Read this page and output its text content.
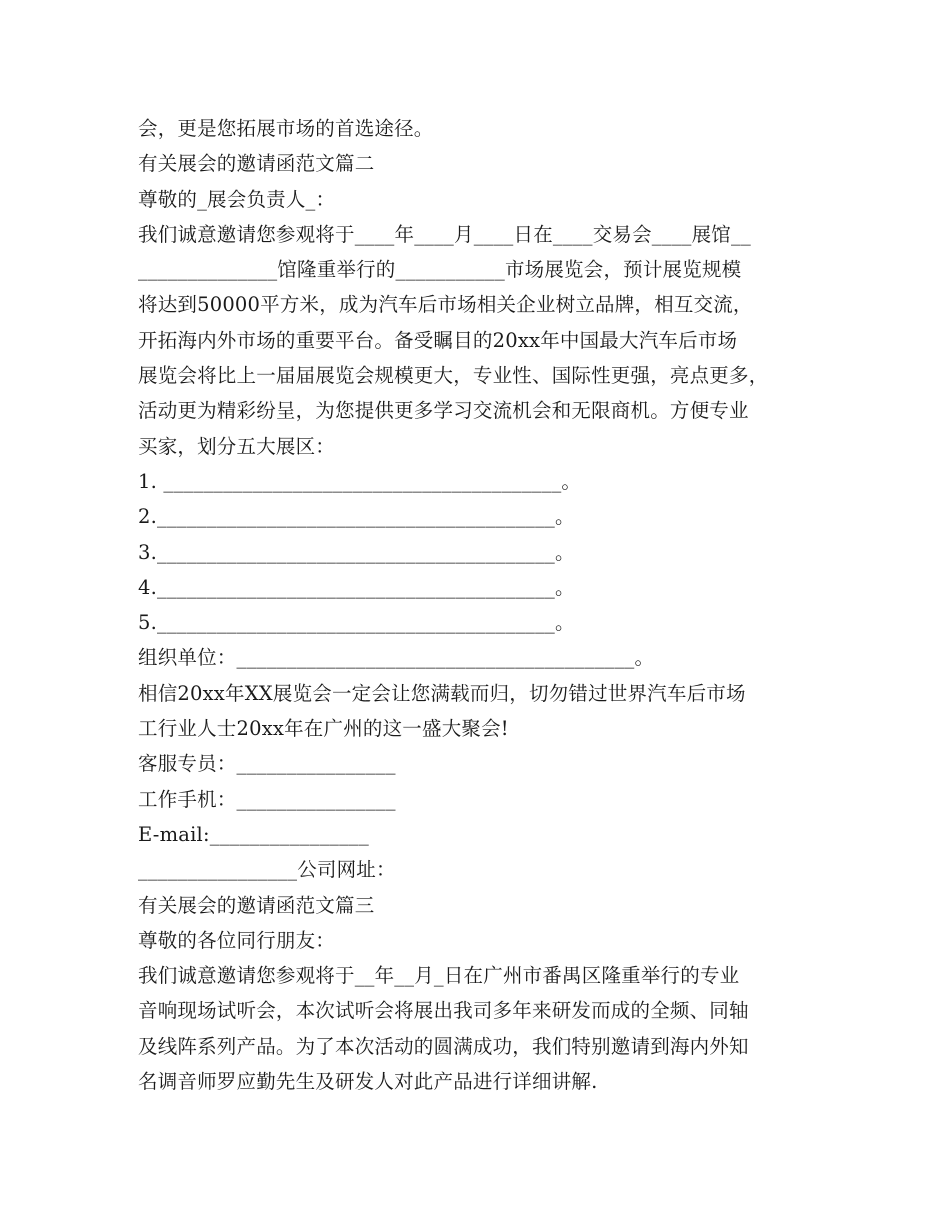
会，更是您拓展市场的首选途径。
有关展会的邀请函范文篇二
尊敬的_展会负责人_：
我们诚意邀请您参观将于____年____月____日在____交易会____展馆__
______________馆隆重举行的___________市场展览会，预计展览规模
将达到50000平方米，成为汽车后市场相关企业树立品牌，相互交流，
开拓海内外市场的重要平台。备受瞩目的20xx年中国最大汽车后市场
展览会将比上一届届展览会规模更大，专业性、国际性更强，亮点更多，
活动更为精彩纷呈，为您提供更多学习交流机会和无限商机。方便专业
买家，划分五大展区：
1. ________________________________________。
2.________________________________________。
3.________________________________________。
4.________________________________________。
5.________________________________________。
组织单位：________________________________________。
相信20xx年XX展览会一定会让您满载而归，切勿错过世界汽车后市场
工行业人士20xx年在广州的这一盛大聚会!
客服专员：________________
工作手机：________________
E-mail:________________
________________公司网址：
有关展会的邀请函范文篇三
尊敬的各位同行朋友：
我们诚意邀请您参观将于__年__月_日在广州市番禺区隆重举行的专业
音响现场试听会，本次试听会将展出我司多年来研发而成的全频、同轴
及线阵系列产品。为了本次活动的圆满成功，我们特别邀请到海内外知
名调音师罗应勤先生及研发人对此产品进行详细讲解.
